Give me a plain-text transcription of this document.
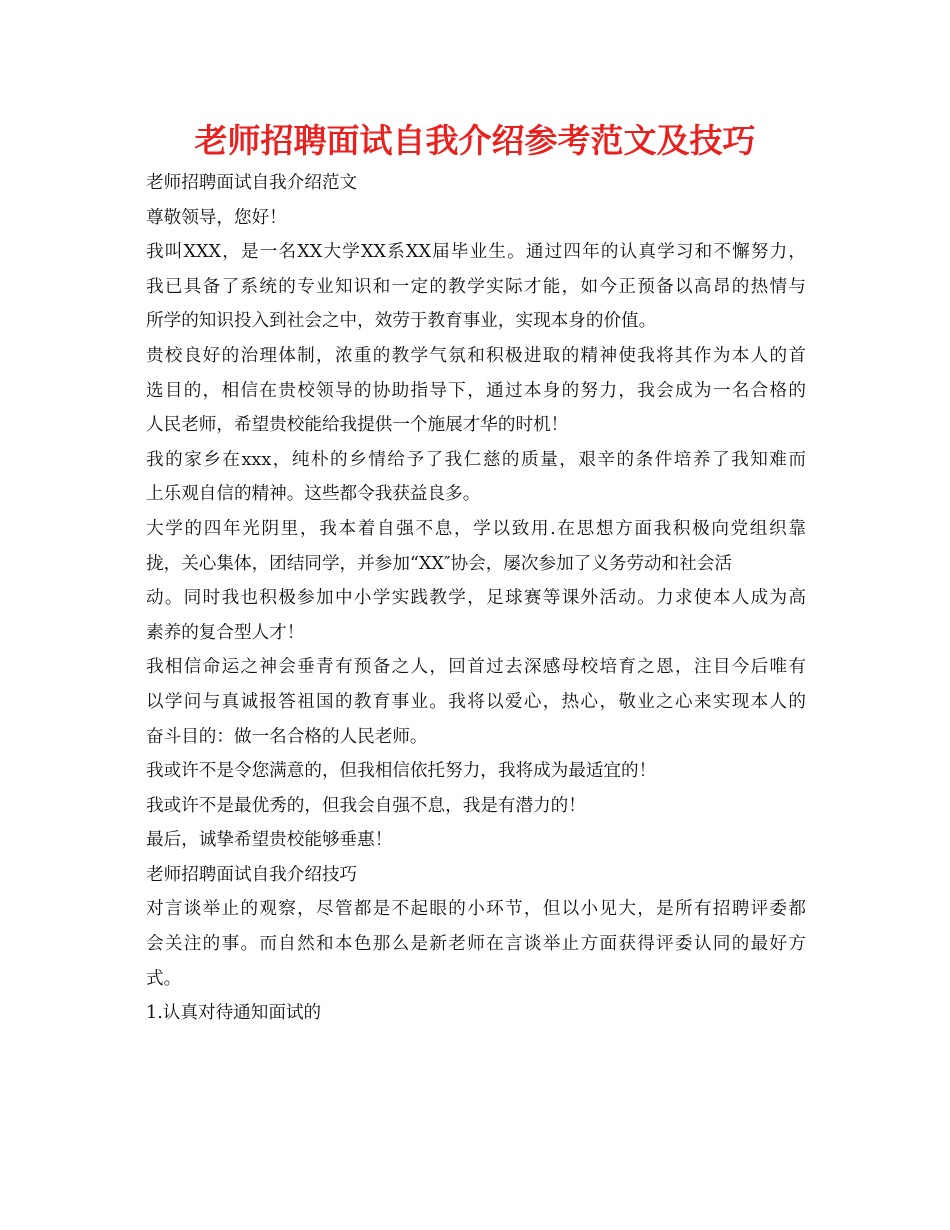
老师招聘面试自我介绍参考范文及技巧
老师招聘面试自我介绍范文
尊敬领导，您好！
我叫XXX，是一名XX大学XX系XX届毕业生。通过四年的认真学习和不懈努力，
我已具备了系统的专业知识和一定的教学实际才能，如今正预备以高昂的热情与
所学的知识投入到社会之中，效劳于教育事业，实现本身的价值。
贵校良好的治理体制，浓重的教学气氛和积极进取的精神使我将其作为本人的首
选目的，相信在贵校领导的协助指导下，通过本身的努力，我会成为一名合格的
人民老师，希望贵校能给我提供一个施展才华的时机！
我的家乡在xxx，纯朴的乡情给予了我仁慈的质量，艰辛的条件培养了我知难而
上乐观自信的精神。这些都令我获益良多。
大学的四年光阴里，我本着自强不息，学以致用.在思想方面我积极向党组织靠
拢，关心集体，团结同学，并参加“XX″协会，屡次参加了义务劳动和社会活
动。同时我也积极参加中小学实践教学，足球赛等课外活动。力求使本人成为高
素养的复合型人才！
我相信命运之神会垂青有预备之人，回首过去深感母校培育之恩，注目今后唯有
以学问与真诚报答祖国的教育事业。我将以爱心，热心，敬业之心来实现本人的
奋斗目的：做一名合格的人民老师。
我或许不是令您满意的，但我相信依托努力，我将成为最适宜的！
我或许不是最优秀的，但我会自强不息，我是有潜力的！
最后，诚挚希望贵校能够垂惠！
老师招聘面试自我介绍技巧
对言谈举止的观察，尽管都是不起眼的小环节，但以小见大，是所有招聘评委都
会关注的事。而自然和本色那么是新老师在言谈举止方面获得评委认同的最好方
式。
1.认真对待通知面试的
